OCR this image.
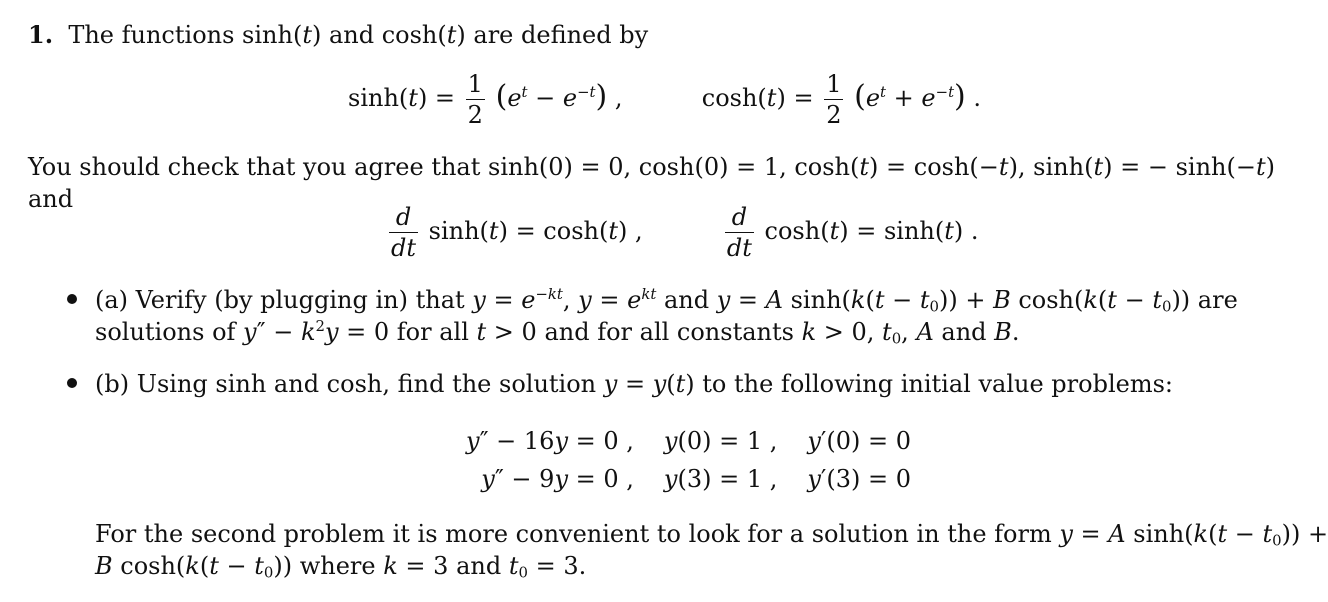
1.  The functions sinh(t) and cosh(t) are defined by
$\sinh(t) = \frac{1}{2} (e^t - e^{-t})$ ,	$\cosh(t) = \frac{1}{2} (e^t + e^{-t})$ .
You should check that you agree that sinh(0) = 0, cosh(0) = 1, cosh(t) = cosh(−t), sinh(t) = − sinh(−t)
and
$\frac{d}{dt} \sinh(t) = \cosh(t)$ ,	$\frac{d}{dt} \cosh(t) = \sinh(t)$ .
(a) Verify (by plugging in) that $y = e^{-kt}$, $y = e^{kt}$ and y = A $\sinh(k(t - t_0)) + B$ $\cosh(k(t - t_0))$ are
solutions of $y'' - k^2y = 0$ for all t > 0 and for all constants k > 0, $t_0$, A and B.
(b) Using sinh and cosh, find the solution y = y(t) to the following initial value problems:
y″ − 16y = 0 ,	y(0) = 1 ,	y′(0) = 0
y″ − 9y = 0 ,	y(3) = 1 ,	y′(3) = 0
For the second problem it is more convenient to look for a solution in the form y = A $\sinh(k(t - t_0))$ +
B $\cosh(k(t - t_0))$ where k = 3 and $t_0 = 3$.
